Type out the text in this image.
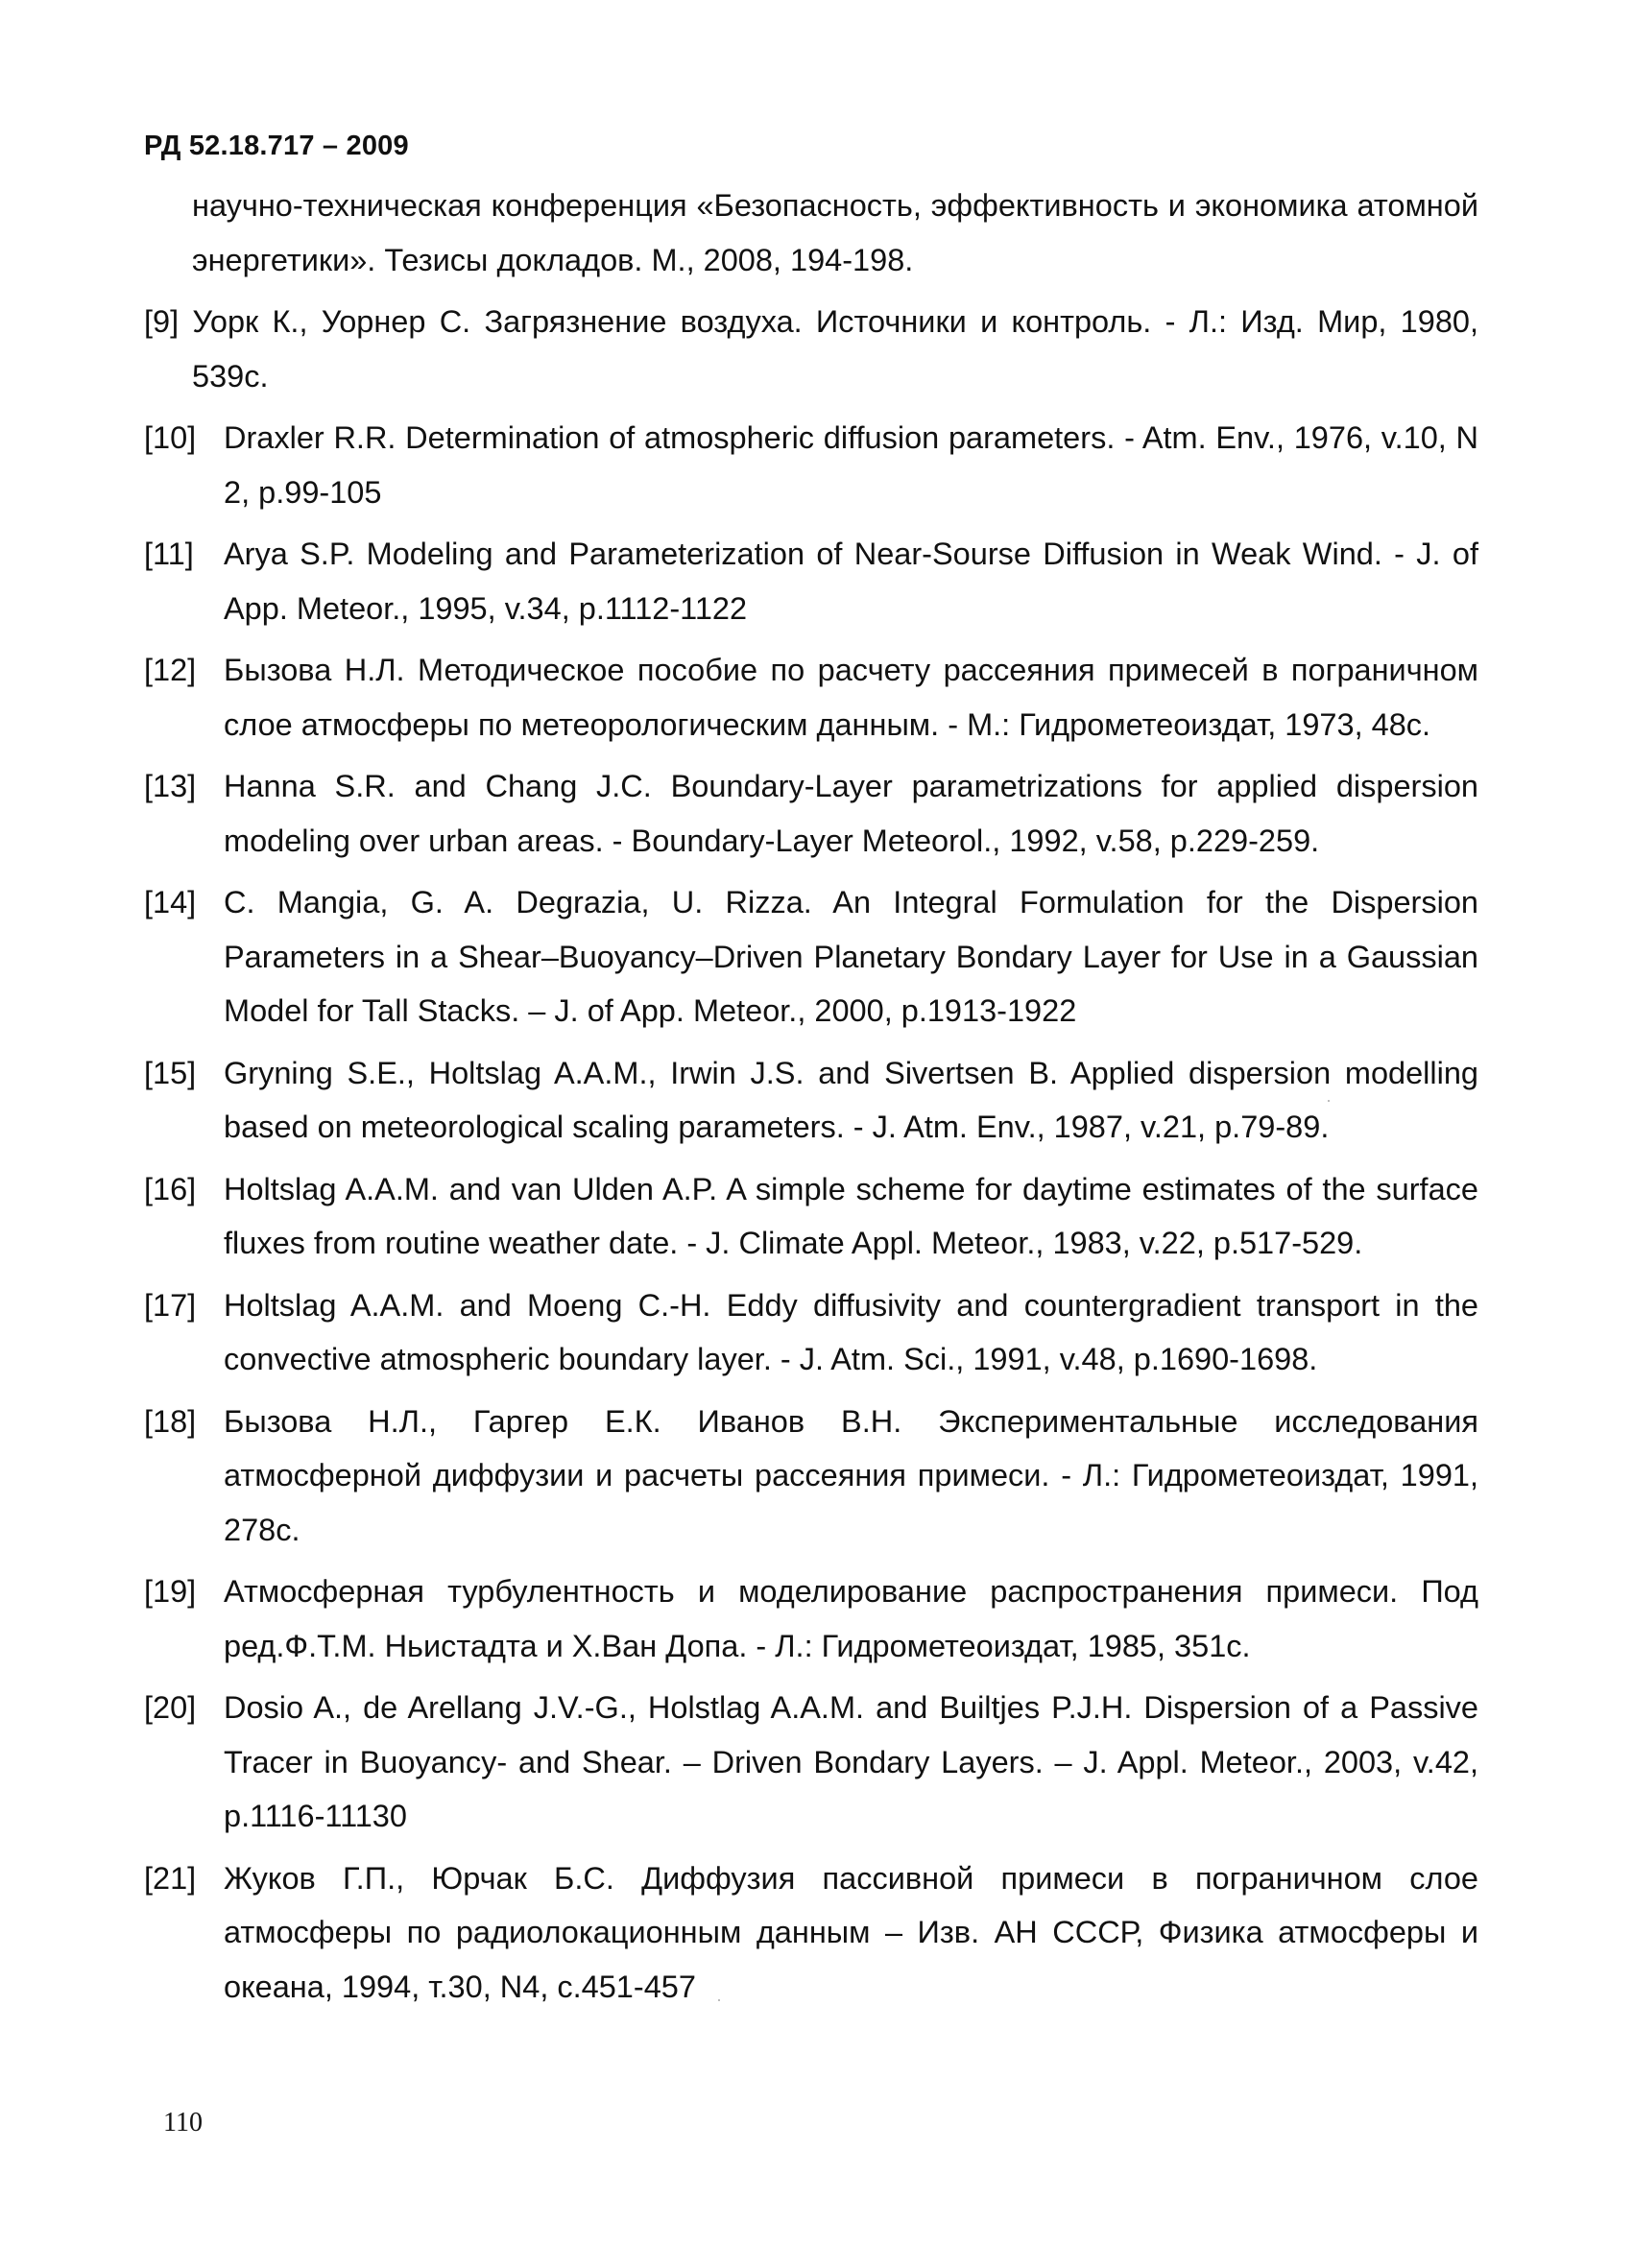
РД 52.18.717 – 2009
научно-техническая конференция «Безопасность, эффективность и экономика атомной энергетики». Тезисы докладов. М., 2008, 194-198.
[9] Уорк К., Уорнер С. Загрязнение воздуха. Источники и контроль. - Л.: Изд. Мир, 1980, 539с.
[10] Draxler R.R. Determination of atmospheric diffusion parameters. - Atm. Env., 1976, v.10, N 2, p.99-105
[11] Arya S.P. Modeling and Parameterization of Near-Sourse Diffusion in Weak Wind. - J. of App. Meteor., 1995, v.34, p.1112-1122
[12] Бызова Н.Л. Методическое пособие по расчету рассеяния примесей в пограничном слое атмосферы по метеорологическим данным. - М.: Гидрометеоиздат, 1973, 48с.
[13] Hanna S.R. and Chang J.C. Boundary-Layer parametrizations for applied dispersion modeling over urban areas. - Boundary-Layer Meteorol., 1992, v.58, p.229-259.
[14] C. Mangia, G. A. Degrazia, U. Rizza. An Integral Formulation for the Dispersion Parameters in a Shear–Buoyancy–Driven Planetary Bondary Layer for Use in a Gaussian Model for Tall Stacks. – J. of App. Meteor., 2000, p.1913-1922
[15] Gryning S.E., Holtslag A.A.M., Irwin J.S. and Sivertsen B. Applied dispersion modelling based on meteorological scaling parameters. - J. Atm. Env., 1987, v.21, p.79-89.
[16] Holtslag A.A.M. and van Ulden A.P. A simple scheme for daytime estimates of the surface fluxes from routine weather date. - J. Climate Appl. Meteor., 1983, v.22, p.517-529.
[17] Holtslag A.A.M. and Moeng C.-H. Eddy diffusivity and countergradient transport in the convective atmospheric boundary layer. - J. Atm. Sci., 1991, v.48, p.1690-1698.
[18] Бызова Н.Л., Гаргер Е.К. Иванов В.Н. Экспериментальные исследования атмосферной диффузии и расчеты рассеяния примеси. - Л.: Гидрометеоиздат, 1991, 278с.
[19] Атмосферная турбулентность и моделирование распространения примеси. Под ред.Ф.Т.М. Ньистадта и Х.Ван Допа. - Л.: Гидрометеоиздат, 1985, 351с.
[20] Dosio A., de Arellang J.V.-G., Holstlag A.A.M. and Builtjes P.J.H. Dispersion of a Passive Tracer in Buoyancy- and Shear. – Driven Bondary Layers. – J. Appl. Meteor., 2003, v.42, p.1116-11130
[21] Жуков Г.П., Юрчак Б.С. Диффузия пассивной примеси в пограничном слое атмосферы по радиолокационным данным – Изв. АН СССР, Физика атмосферы и океана, 1994, т.30, N4, с.451-457
110
